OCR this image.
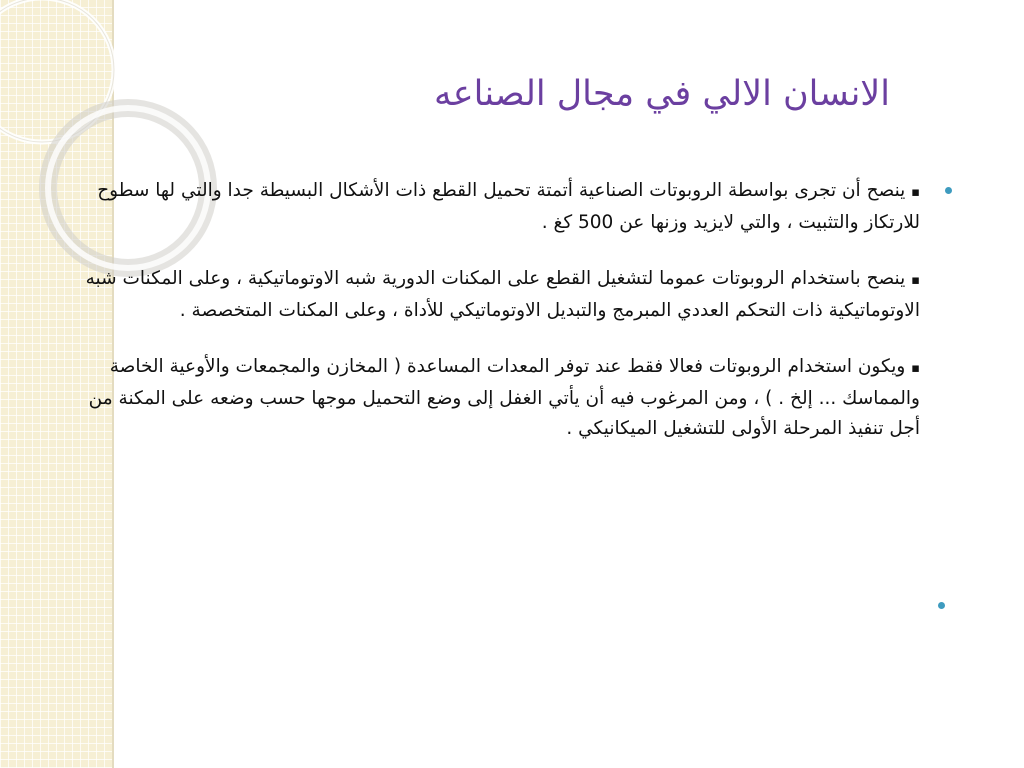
الانسان الالي في مجال الصناعه

▪ ينصح أن تجرى بواسطة الروبوتات الصناعية أتمتة تحميل القطع ذات الأشكال البسيطة جدا والتي لها سطوح للارتكاز والتثبيت ، والتي لايزيد وزنها عن 500 كغ .

▪ ينصح باستخدام الروبوتات عموما لتشغيل القطع على المكنات الدورية شبه الاوتوماتيكية ، وعلى المكنات شبه الاوتوماتيكية ذات التحكم العددي المبرمج والتبديل الاوتوماتيكي للأداة ، وعلى المكنات المتخصصة .

▪ ويكون استخدام الروبوتات فعالا فقط عند توفر المعدات المساعدة ( المخازن والمجمعات والأوعية الخاصة والمماسك ... إلخ . ) ، ومن المرغوب فيه أن يأتي الغفل إلى وضع التحميل موجها حسب وضعه على المكنة من أجل تنفيذ المرحلة الأولى للتشغيل الميكانيكي .
